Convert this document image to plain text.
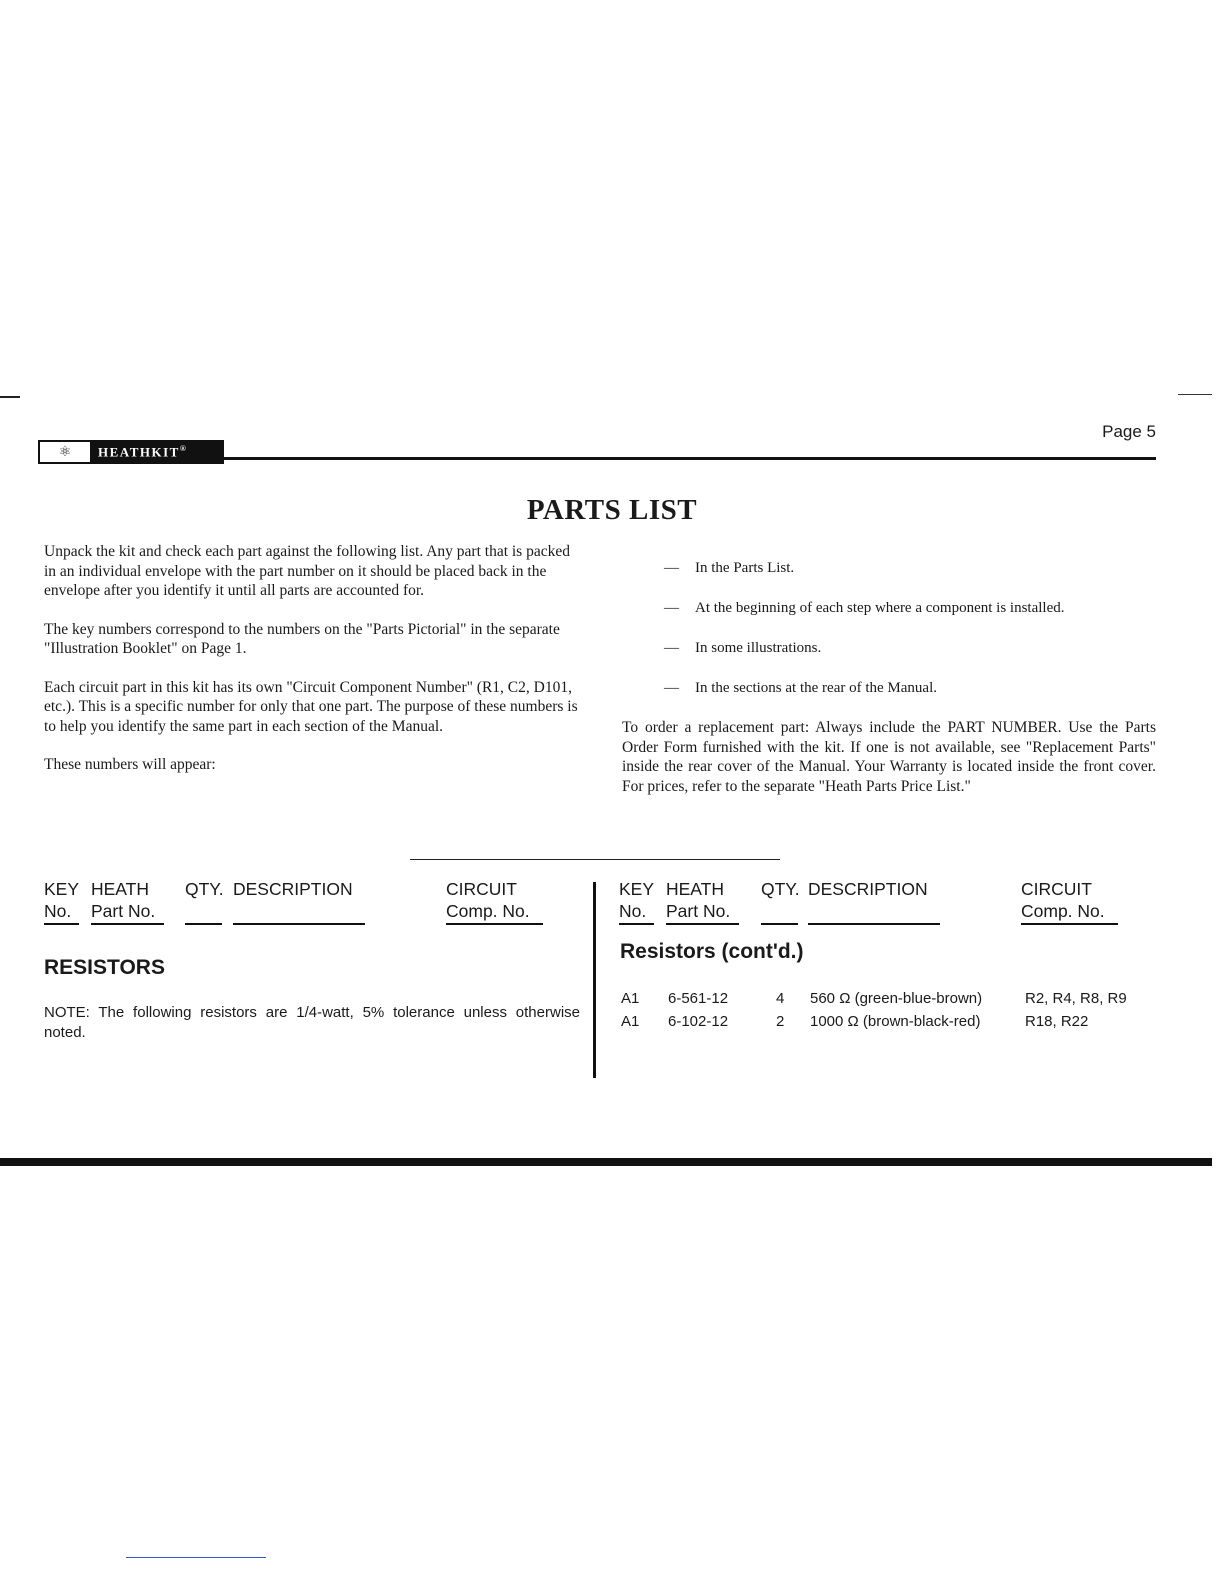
⚛	HEATHKIT®
Page 5
PARTS LIST

Unpack the kit and check each part against the following list. Any part that is packed in an individual envelope with the part number on it should be placed back in the envelope after you identify it until all parts are accounted for.

The key numbers correspond to the numbers on the "Parts Pictorial" in the separate "Illustration Booklet" on Page 1.

Each circuit part in this kit has its own "Circuit Component Number" (R1, C2, D101, etc.). This is a specific number for only that one part. The purpose of these numbers is to help you identify the same part in each section of the Manual.

These numbers will appear:

—	In the Parts List.
—	At the beginning of each step where a component is installed.
—	In some illustrations.
—	In the sections at the rear of the Manual.
To order a replacement part: Always include the PART NUMBER. Use the Parts Order Form furnished with the kit. If one is not available, see "Replacement Parts" inside the rear cover of the Manual. Your Warranty is located inside the front cover. For prices, refer to the separate "Heath Parts Price List."
KEY
No.
HEATH
Part No.
QTY. DESCRIPTION	CIRCUIT
Comp. No.
RESISTORS
NOTE: The following resistors are 1/4-watt, 5% tolerance unless otherwise noted.
KEY
No.
HEATH
Part No.
QTY. DESCRIPTION	CIRCUIT
Comp. No.
Resistors (cont'd.)
A1 6-561-12	4 560 Ω (green-blue-brown)	R2, R4, R8, R9
A1 6-102-12	2 1000 Ω (brown-black-red)	R18, R22
